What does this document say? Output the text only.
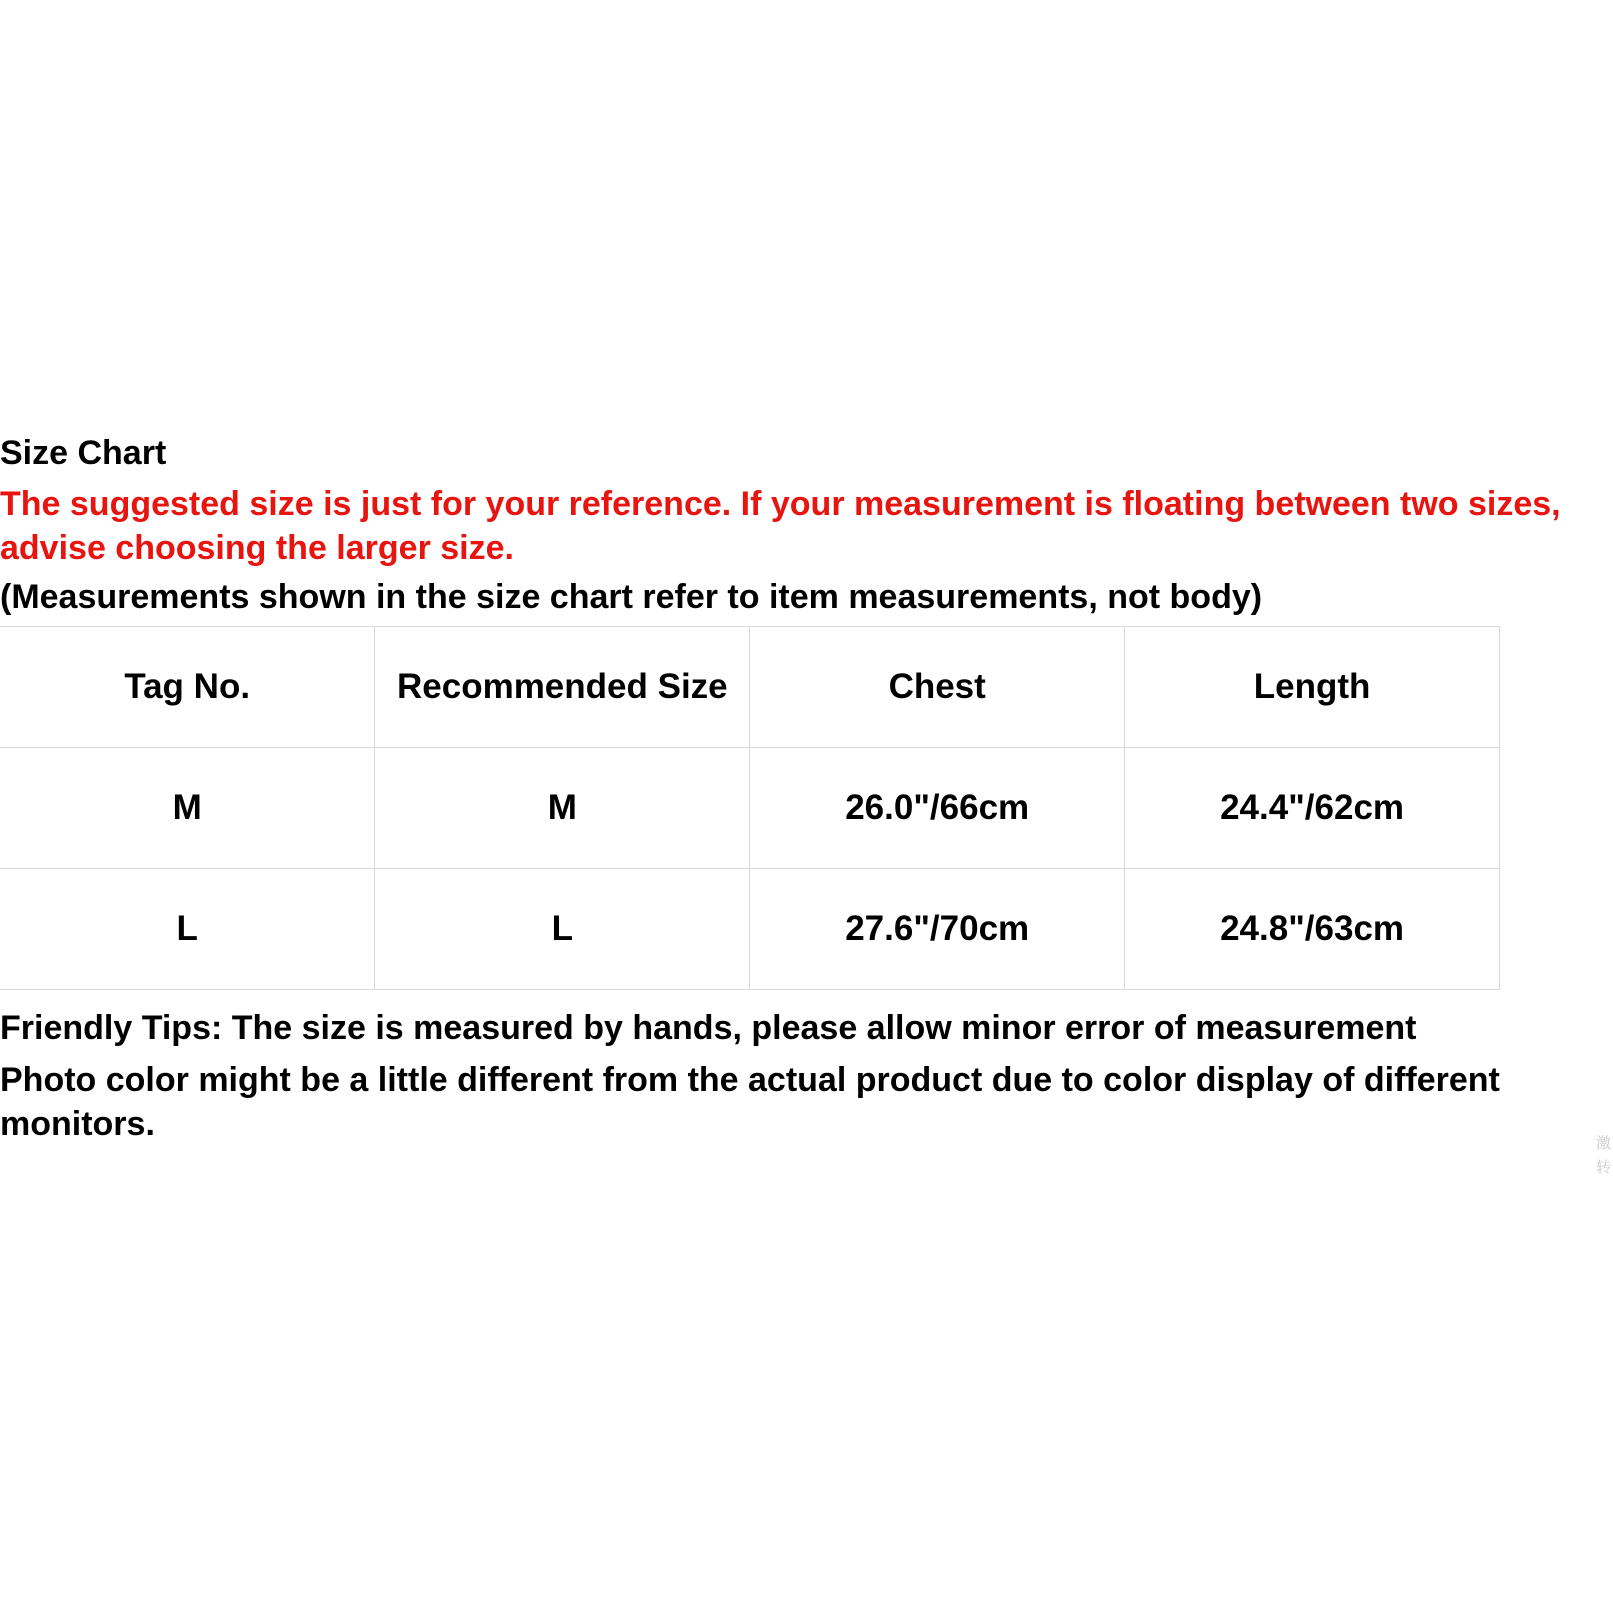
Size Chart
The suggested size is just for your reference. If your measurement is floating between two sizes, advise choosing the larger size.
(Measurements shown in the size chart refer to item measurements, not body)
Tag No.	Recommended Size	Chest	Length
M	M	26.0"/66cm	24.4"/62cm
L	L	27.6"/70cm	24.8"/63cm
Friendly Tips: The size is measured by hands, please allow minor error of measurement
Photo color might be a little different from the actual product due to color display of different monitors.
激
转
